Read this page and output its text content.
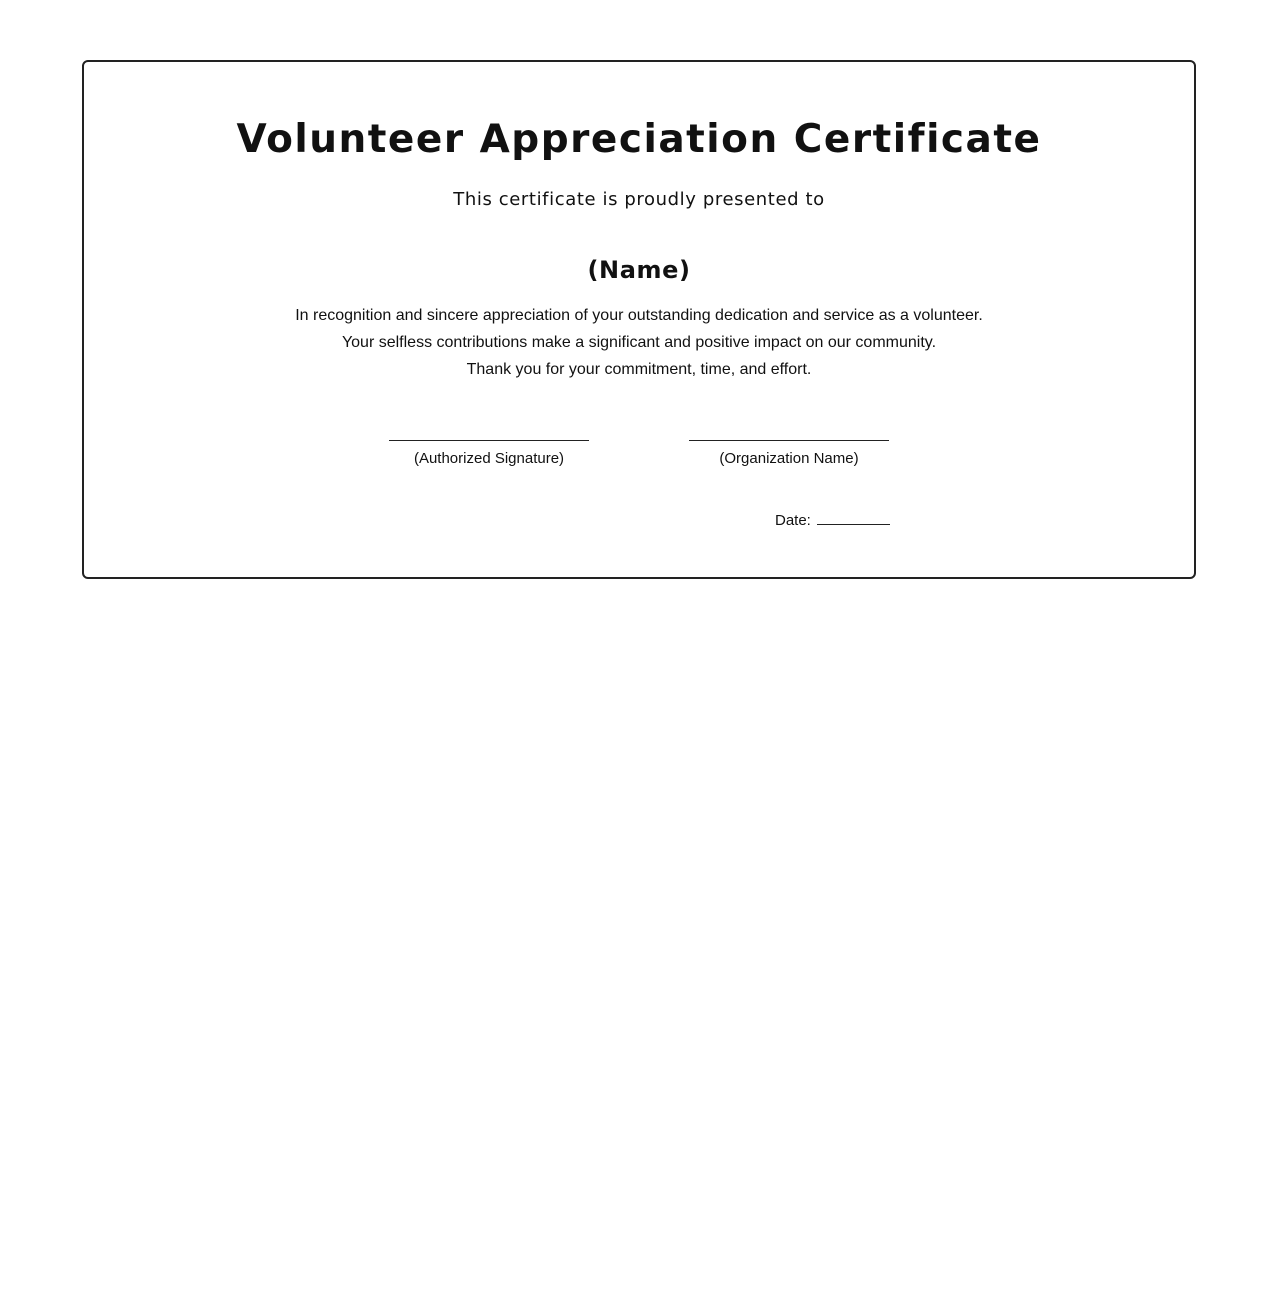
Volunteer Appreciation Certificate
This certificate is proudly presented to
(Name)
In recognition and sincere appreciation of your outstanding dedication and service as a volunteer.
Your selfless contributions make a significant and positive impact on our community.
Thank you for your commitment, time, and effort.
(Authorized Signature)	(Organization Name)
Date:
